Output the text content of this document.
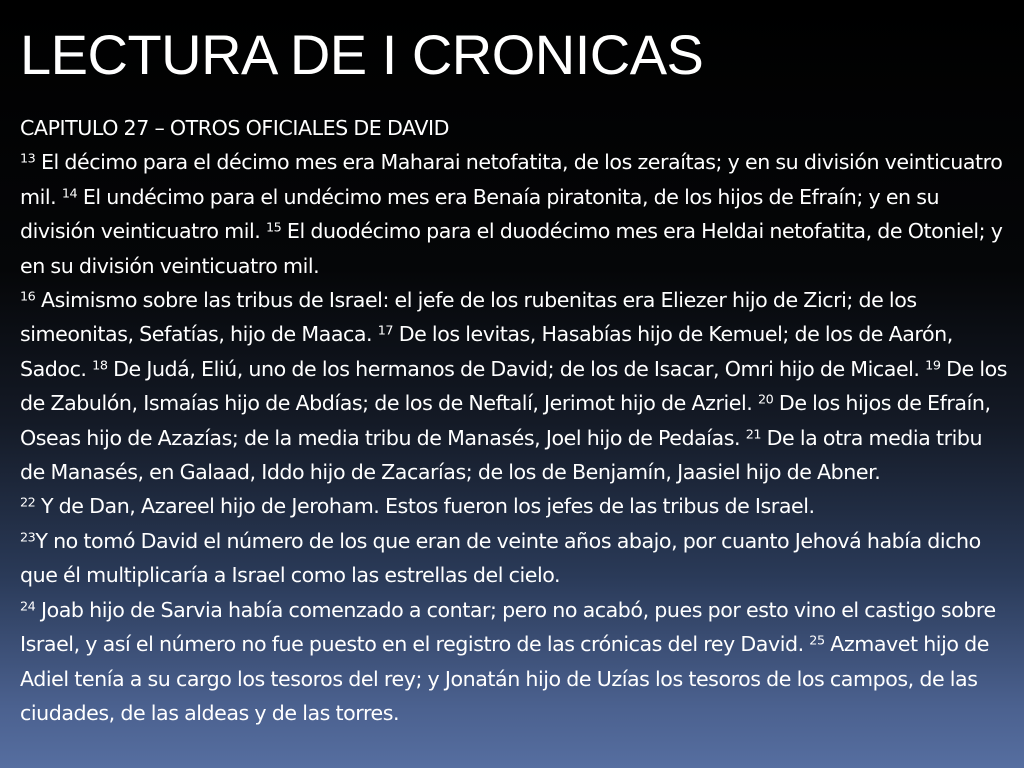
LECTURA DE I CRONICAS

CAPITULO 27 – OTROS OFICIALES DE DAVID

$^{13}$ El décimo para el décimo mes era Maharai netofatita, de los zeraítas; y en su división veinticuatro mil. $^{14}$ El undécimo para el undécimo mes era Benaía piratonita, de los hijos de Efraín; y en su división veinticuatro mil. $^{15}$ El duodécimo para el duodécimo mes era Heldai netofatita, de Otoniel; y en su división veinticuatro mil.

$^{16}$ Asimismo sobre las tribus de Israel: el jefe de los rubenitas era Eliezer hijo de Zicri; de los simeonitas, Sefatías, hijo de Maaca. $^{17}$ De los levitas, Hasabías hijo de Kemuel; de los de Aarón, Sadoc. $^{18}$ De Judá, Eliú, uno de los hermanos de David; de los de Isacar, Omri hijo de Micael. $^{19}$ De los de Zabulón, Ismaías hijo de Abdías; de los de Neftalí, Jerimot hijo de Azriel. $^{20}$ De los hijos de Efraín, Oseas hijo de Azazías; de la media tribu de Manasés, Joel hijo de Pedaías. $^{21}$ De la otra media tribu de Manasés, en Galaad, Iddo hijo de Zacarías; de los de Benjamín, Jaasiel hijo de Abner.

$^{22}$ Y de Dan, Azareel hijo de Jeroham. Estos fueron los jefes de las tribus de Israel.

$^{23}$Y no tomó David el número de los que eran de veinte años abajo, por cuanto Jehová había dicho que él multiplicaría a Israel como las estrellas del cielo.

$^{24}$ Joab hijo de Sarvia había comenzado a contar; pero no acabó, pues por esto vino el castigo sobre Israel, y así el número no fue puesto en el registro de las crónicas del rey David. $^{25}$ Azmavet hijo de Adiel tenía a su cargo los tesoros del rey; y Jonatán hijo de Uzías los tesoros de los campos, de las ciudades, de las aldeas y de las torres.
